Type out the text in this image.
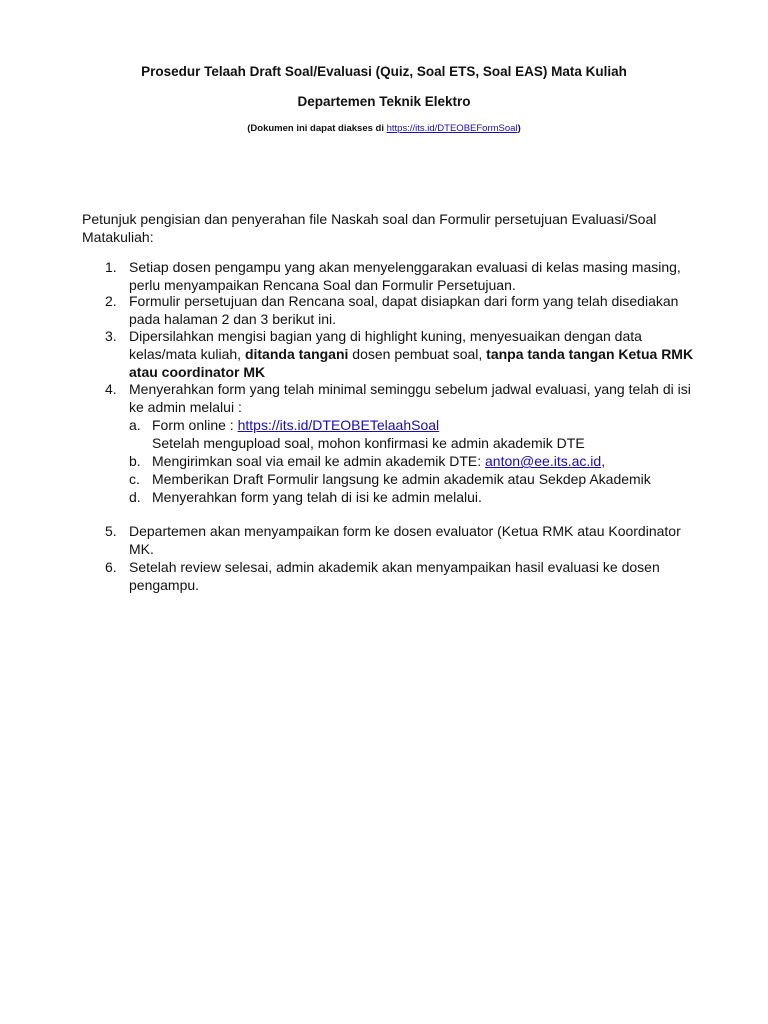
Prosedur Telaah Draft Soal/Evaluasi (Quiz, Soal ETS, Soal EAS) Mata Kuliah
Departemen Teknik Elektro
(Dokumen ini dapat diakses di https://its.id/DTEOBEFormSoal)
Petunjuk pengisian dan penyerahan file Naskah soal dan Formulir persetujuan Evaluasi/Soal Matakuliah:
1. Setiap dosen pengampu yang akan menyelenggarakan evaluasi di kelas masing masing, perlu menyampaikan Rencana Soal dan Formulir Persetujuan.
2. Formulir persetujuan dan Rencana soal, dapat disiapkan dari form yang telah disediakan pada halaman 2 dan 3 berikut ini.
3. Dipersilahkan mengisi bagian yang di highlight kuning, menyesuaikan dengan data kelas/mata kuliah, ditanda tangani dosen pembuat soal, tanpa tanda tangan Ketua RMK atau coordinator MK
4. Menyerahkan form yang telah minimal seminggu sebelum jadwal evaluasi, yang telah di isi ke admin melalui :
a. Form online : https://its.id/DTEOBETelaahSoal
Setelah mengupload soal, mohon konfirmasi ke admin akademik DTE
b. Mengirimkan soal via email ke admin akademik DTE: anton@ee.its.ac.id,
c. Memberikan Draft Formulir langsung ke admin akademik atau Sekdep Akademik
d. Menyerahkan form yang telah di isi ke admin melalui.
5. Departemen akan menyampaikan form ke dosen evaluator (Ketua RMK atau Koordinator MK.
6. Setelah review selesai, admin akademik akan menyampaikan hasil evaluasi ke dosen pengampu.
